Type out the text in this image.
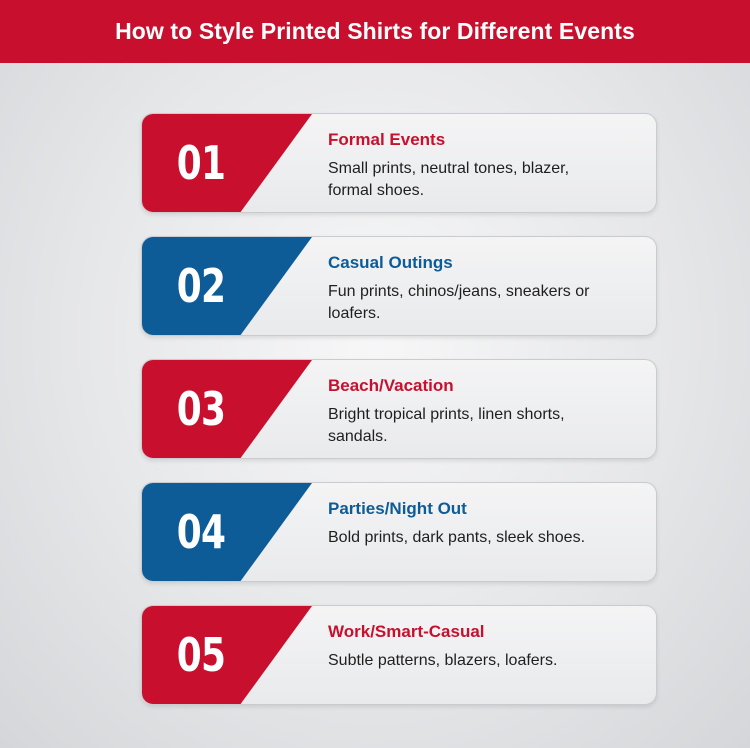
How to Style Printed Shirts for Different Events
01	Formal Events
Small prints, neutral tones, blazer, formal shoes.
02	Casual Outings
Fun prints, chinos/jeans, sneakers or loafers.
03	Beach/Vacation
Bright tropical prints, linen shorts, sandals.
04	Parties/Night Out
Bold prints, dark pants, sleek shoes.
05	Work/Smart-Casual
Subtle patterns, blazers, loafers.
